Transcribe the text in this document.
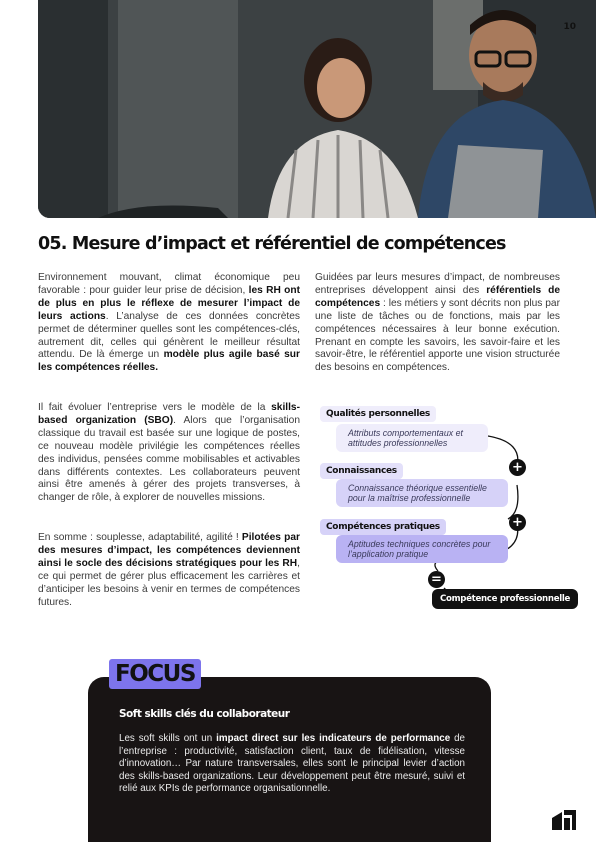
10
05. Mesure d’impact et référentiel de compétences

Environnement mouvant, climat économique peu favorable : pour guider leur prise de décision, les RH ont de plus en plus le réflexe de mesurer l’impact de leurs actions. L’analyse de ces données concrètes permet de déterminer quelles sont les compétences-clés, autrement dit, celles qui génèrent le meilleur résultat attendu. De là émerge un modèle plus agile basé sur les compétences réelles.

Guidées par leurs mesures d’impact, de nombreuses entreprises développent ainsi des référentiels de compétences : les métiers y sont décrits non plus par une liste de tâches ou de fonctions, mais par les compétences nécessaires à leur bonne exécution. Prenant en compte les savoirs, les savoir-faire et les savoir-être, le référentiel apporte une vision structurée des besoins en compétences.

Il fait évoluer l’entreprise vers le modèle de la skills-based organization (SBO). Alors que l’organisation classique du travail est basée sur une logique de postes, ce nouveau modèle privilégie les compétences réelles des individus, pensées comme mobilisables et activables dans différents contextes. Les collaborateurs peuvent ainsi être amenés à gérer des projets transverses, à changer de rôle, à explorer de nouvelles missions.

En somme : souplesse, adaptabilité, agilité ! Pilotées par des mesures d’impact, les compétences deviennent ainsi le socle des décisions stratégiques pour les RH, ce qui permet de gérer plus efficacement les carrières et d’anticiper les besoins à venir en termes de compétences futures.

Qualités personnelles
Attributs comportementaux et attitudes professionnelles
+
Connaissances
Connaissance théorique essentielle pour la maîtrise professionnelle
+
Compétences pratiques
Aptitudes techniques concrètes pour l’application pratique
=
Compétence professionnelle
FOCUS
Soft skills clés du collaborateur

Les soft skills ont un impact direct sur les indicateurs de performance de l’entreprise : productivité, satisfaction client, taux de fidélisation, vitesse d’innovation… Par nature transversales, elles sont le principal levier d’action des skills-based organizations. Leur développement peut être mesuré, suivi et relié aux KPIs de performance organisationnelle.
